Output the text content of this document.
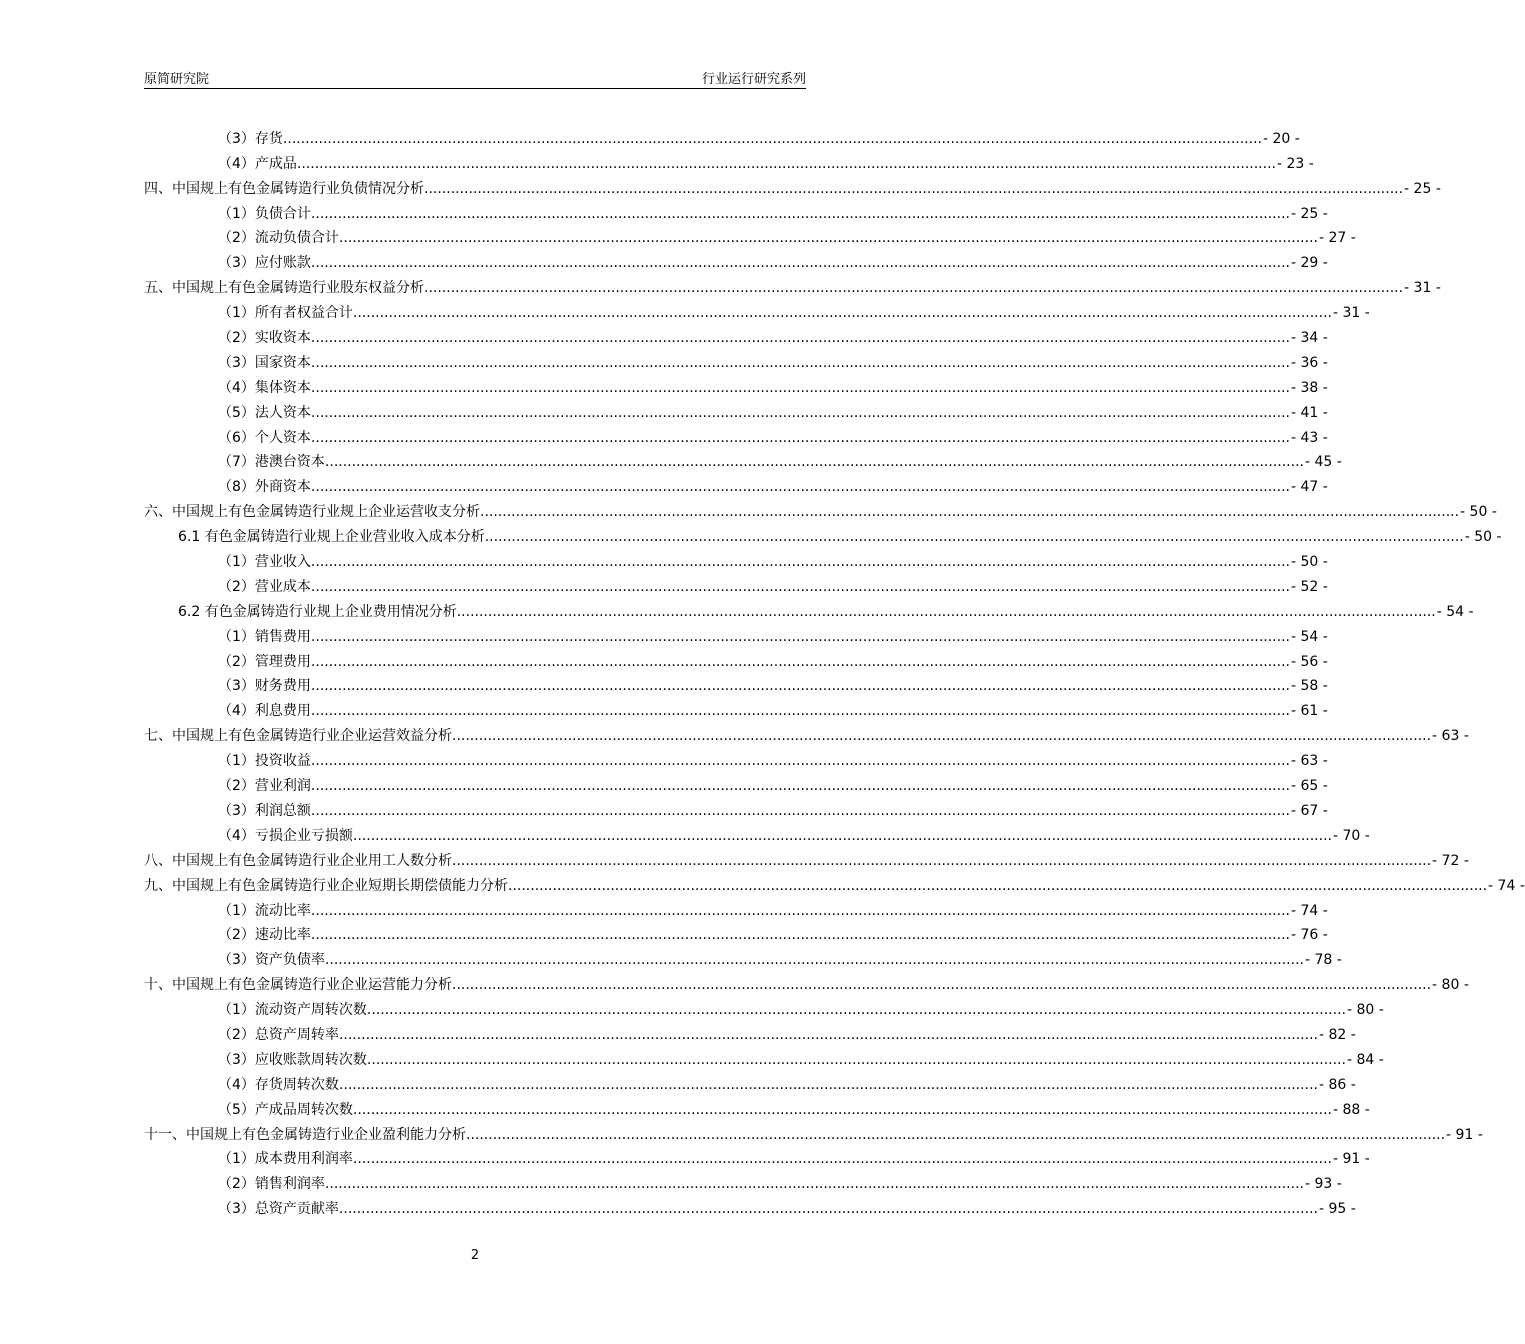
原简研究院	行业运行研究系列
（3）存货 ............................................................................................................................................................................................................................ - 20 -
（4）产成品 ............................................................................................................................................................................................................................ - 23 -
四、中国规上有色金属铸造行业负债情况分析 ............................................................................................................................................................................................................................ - 25 -
（1）负债合计 ............................................................................................................................................................................................................................ - 25 -
（2）流动负债合计 ............................................................................................................................................................................................................................ - 27 -
（3）应付账款 ............................................................................................................................................................................................................................ - 29 -
五、中国规上有色金属铸造行业股东权益分析 ............................................................................................................................................................................................................................ - 31 -
（1）所有者权益合计 ............................................................................................................................................................................................................................ - 31 -
（2）实收资本 ............................................................................................................................................................................................................................ - 34 -
（3）国家资本 ............................................................................................................................................................................................................................ - 36 -
（4）集体资本 ............................................................................................................................................................................................................................ - 38 -
（5）法人资本 ............................................................................................................................................................................................................................ - 41 -
（6）个人资本 ............................................................................................................................................................................................................................ - 43 -
（7）港澳台资本 ............................................................................................................................................................................................................................ - 45 -
（8）外商资本 ............................................................................................................................................................................................................................ - 47 -
六、中国规上有色金属铸造行业规上企业运营收支分析 ............................................................................................................................................................................................................................ - 50 -
6.1 有色金属铸造行业规上企业营业收入成本分析 ............................................................................................................................................................................................................................ - 50 -
（1）营业收入 ............................................................................................................................................................................................................................ - 50 -
（2）营业成本 ............................................................................................................................................................................................................................ - 52 -
6.2 有色金属铸造行业规上企业费用情况分析 ............................................................................................................................................................................................................................ - 54 -
（1）销售费用 ............................................................................................................................................................................................................................ - 54 -
（2）管理费用 ............................................................................................................................................................................................................................ - 56 -
（3）财务费用 ............................................................................................................................................................................................................................ - 58 -
（4）利息费用 ............................................................................................................................................................................................................................ - 61 -
七、中国规上有色金属铸造行业企业运营效益分析 ............................................................................................................................................................................................................................ - 63 -
（1）投资收益 ............................................................................................................................................................................................................................ - 63 -
（2）营业利润 ............................................................................................................................................................................................................................ - 65 -
（3）利润总额 ............................................................................................................................................................................................................................ - 67 -
（4）亏损企业亏损额 ............................................................................................................................................................................................................................ - 70 -
八、中国规上有色金属铸造行业企业用工人数分析 ............................................................................................................................................................................................................................ - 72 -
九、中国规上有色金属铸造行业企业短期长期偿债能力分析 ............................................................................................................................................................................................................................ - 74 -
（1）流动比率 ............................................................................................................................................................................................................................ - 74 -
（2）速动比率 ............................................................................................................................................................................................................................ - 76 -
（3）资产负债率 ............................................................................................................................................................................................................................ - 78 -
十、中国规上有色金属铸造行业企业运营能力分析 ............................................................................................................................................................................................................................ - 80 -
（1）流动资产周转次数 ............................................................................................................................................................................................................................ - 80 -
（2）总资产周转率 ............................................................................................................................................................................................................................ - 82 -
（3）应收账款周转次数 ............................................................................................................................................................................................................................ - 84 -
（4）存货周转次数 ............................................................................................................................................................................................................................ - 86 -
（5）产成品周转次数 ............................................................................................................................................................................................................................ - 88 -
十一、中国规上有色金属铸造行业企业盈利能力分析 ............................................................................................................................................................................................................................ - 91 -
（1）成本费用利润率 ............................................................................................................................................................................................................................ - 91 -
（2）销售利润率 ............................................................................................................................................................................................................................ - 93 -
（3）总资产贡献率 ............................................................................................................................................................................................................................ - 95 -
2
